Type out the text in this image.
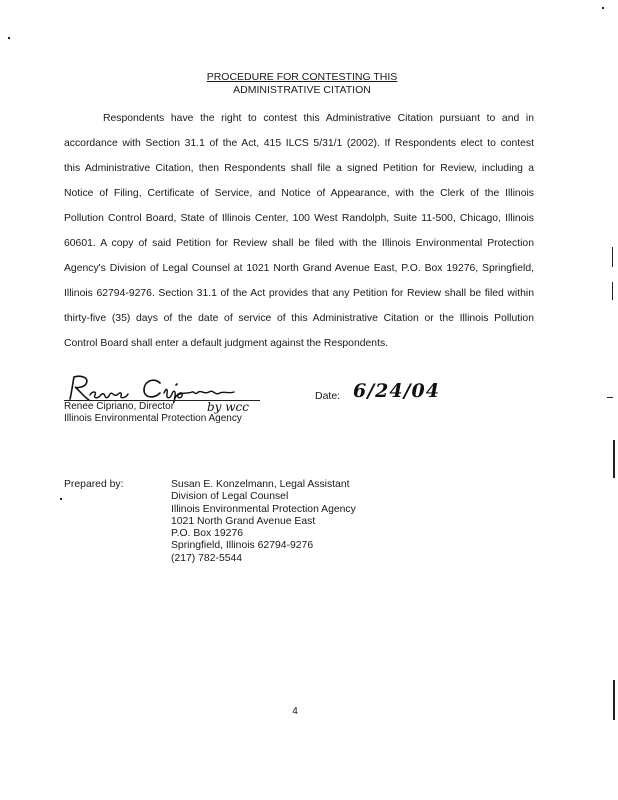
PROCEDURE FOR CONTESTING THIS
ADMINISTRATIVE CITATION
Respondents have the right to contest this Administrative Citation pursuant to and in
accordance with Section 31.1 of the Act, 415 ILCS 5/31/1 (2002). If Respondents elect to contest
this Administrative Citation, then Respondents shall file a signed Petition for Review, including a
Notice of Filing, Certificate of Service, and Notice of Appearance, with the Clerk of the Illinois
Pollution Control Board, State of Illinois Center, 100 West Randolph, Suite 11-500, Chicago, Illinois
60601. A copy of said Petition for Review shall be filed with the Illinois Environmental Protection
Agency's Division of Legal Counsel at 1021 North Grand Avenue East, P.O. Box 19276, Springfield,
Illinois 62794-9276. Section 31.1 of the Act provides that any Petition for Review shall be filed within
thirty-five (35) days of the date of service of this Administrative Citation or the Illinois Pollution
Control Board shall enter a default judgment against the Respondents.
by wcc
Renee Cipriano, Director
Illinois Environmental Protection Agency
Date: 6/24/04
Prepared by:	Susan E. Konzelmann, Legal Assistant
Division of Legal Counsel
Illinois Environmental Protection Agency
1021 North Grand Avenue East
P.O. Box 19276
Springfield, Illinois 62794-9276
(217) 782-5544
4
